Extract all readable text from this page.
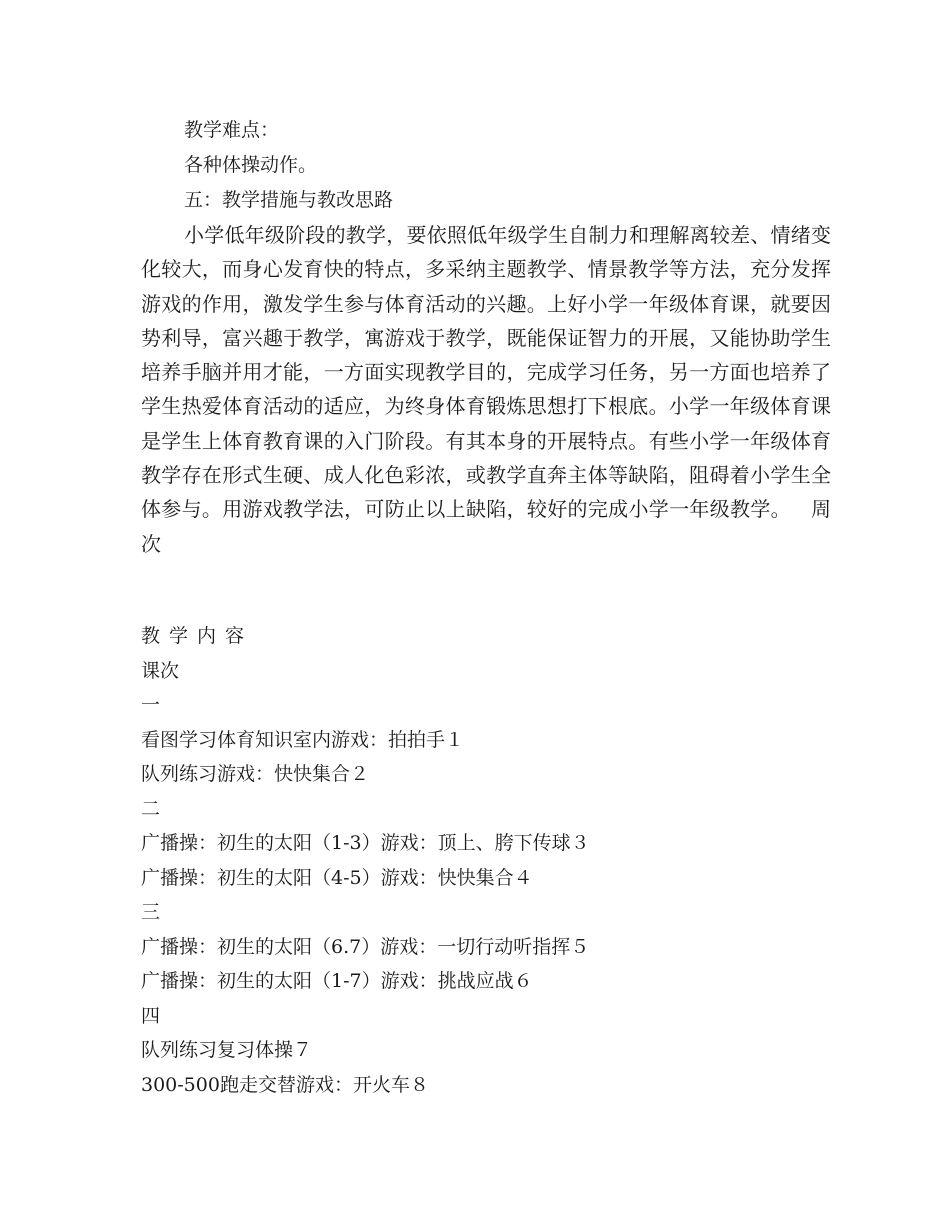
教学难点：
各种体操动作。
五：教学措施与教改思路

小学低年级阶段的教学，要依照低年级学生自制力和理解离较差、情绪变化较大，而身心发育快的特点，多采纳主题教学、情景教学等方法，充分发挥游戏的作用，激发学生参与体育活动的兴趣。上好小学一年级体育课，就要因势利导，富兴趣于教学，寓游戏于教学，既能保证智力的开展，又能协助学生培养手脑并用才能，一方面实现教学目的，完成学习任务，另一方面也培养了学生热爱体育活动的适应，为终身体育锻炼思想打下根底。小学一年级体育课是学生上体育教育课的入门阶段。有其本身的开展特点。有些小学一年级体育教学存在形式生硬、成人化色彩浓，或教学直奔主体等缺陷，阻碍着小学生全体参与。用游戏教学法，可防止以上缺陷，较好的完成小学一年级教学。 周次

教学内容
课次
一
看图学习体育知识室内游戏：拍拍手１
队列练习游戏：快快集合２
二
广播操：初生的太阳（1-3）游戏：顶上、胯下传球３
广播操：初生的太阳（4-5）游戏：快快集合４
三
广播操：初生的太阳（6.7）游戏：一切行动听指挥５
广播操：初生的太阳（1-7）游戏：挑战应战６
四
队列练习复习体操７
300-500跑走交替游戏：开火车８
